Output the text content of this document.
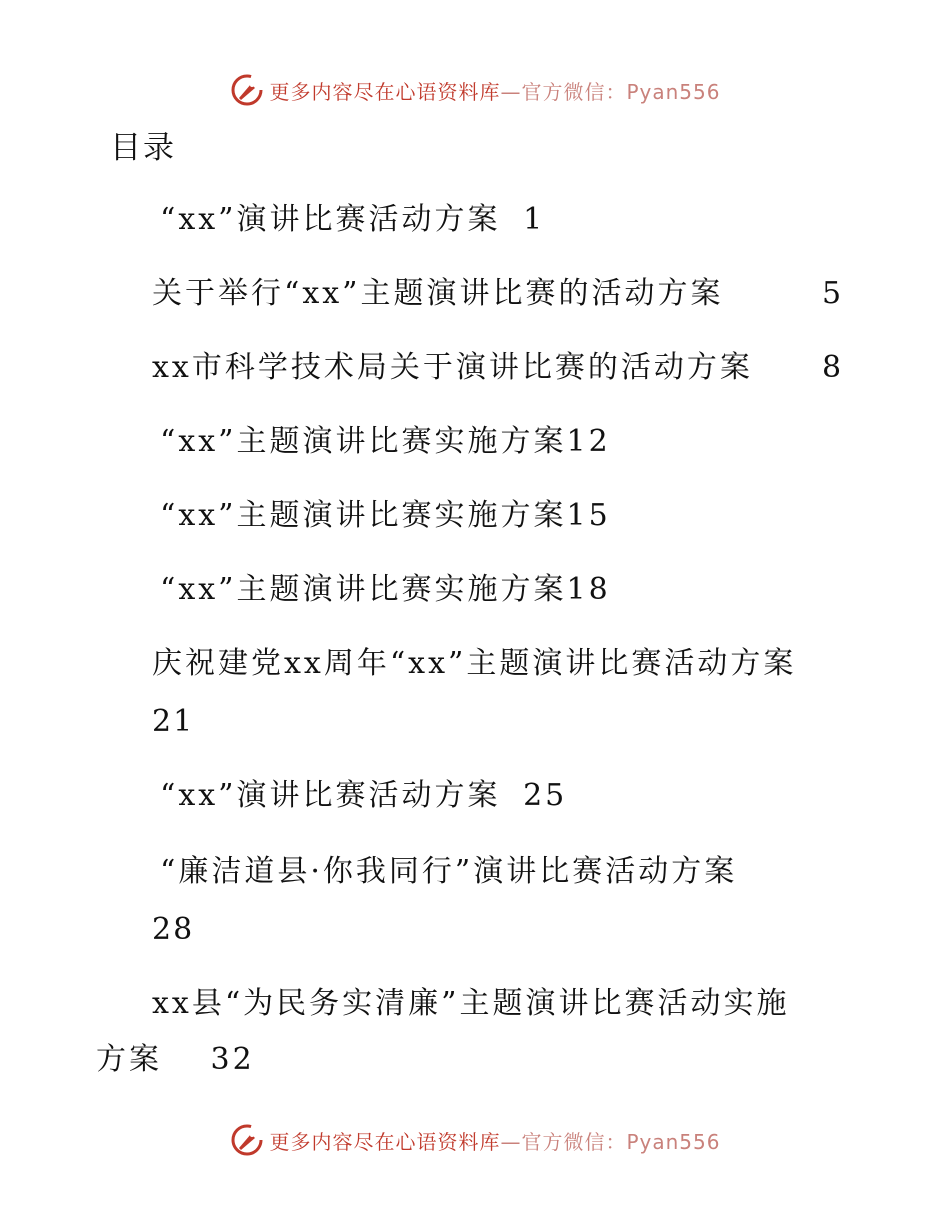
更多内容尽在心语资料库—官方微信：Pyan556
目录
“xx”演讲比赛活动方案 1
关于举行“xx”主题演讲比赛的活动方案	5
xx市科学技术局关于演讲比赛的活动方案 8
“xx”主题演讲比赛实施方案12
“xx”主题演讲比赛实施方案15
“xx”主题演讲比赛实施方案18
庆祝建党xx周年“xx”主题演讲比赛活动方案
21
“xx”演讲比赛活动方案 25
“廉洁道县·你我同行”演讲比赛活动方案
28
xx县“为民务实清廉”主题演讲比赛活动实施
方案 32
更多内容尽在心语资料库—官方微信：Pyan556
